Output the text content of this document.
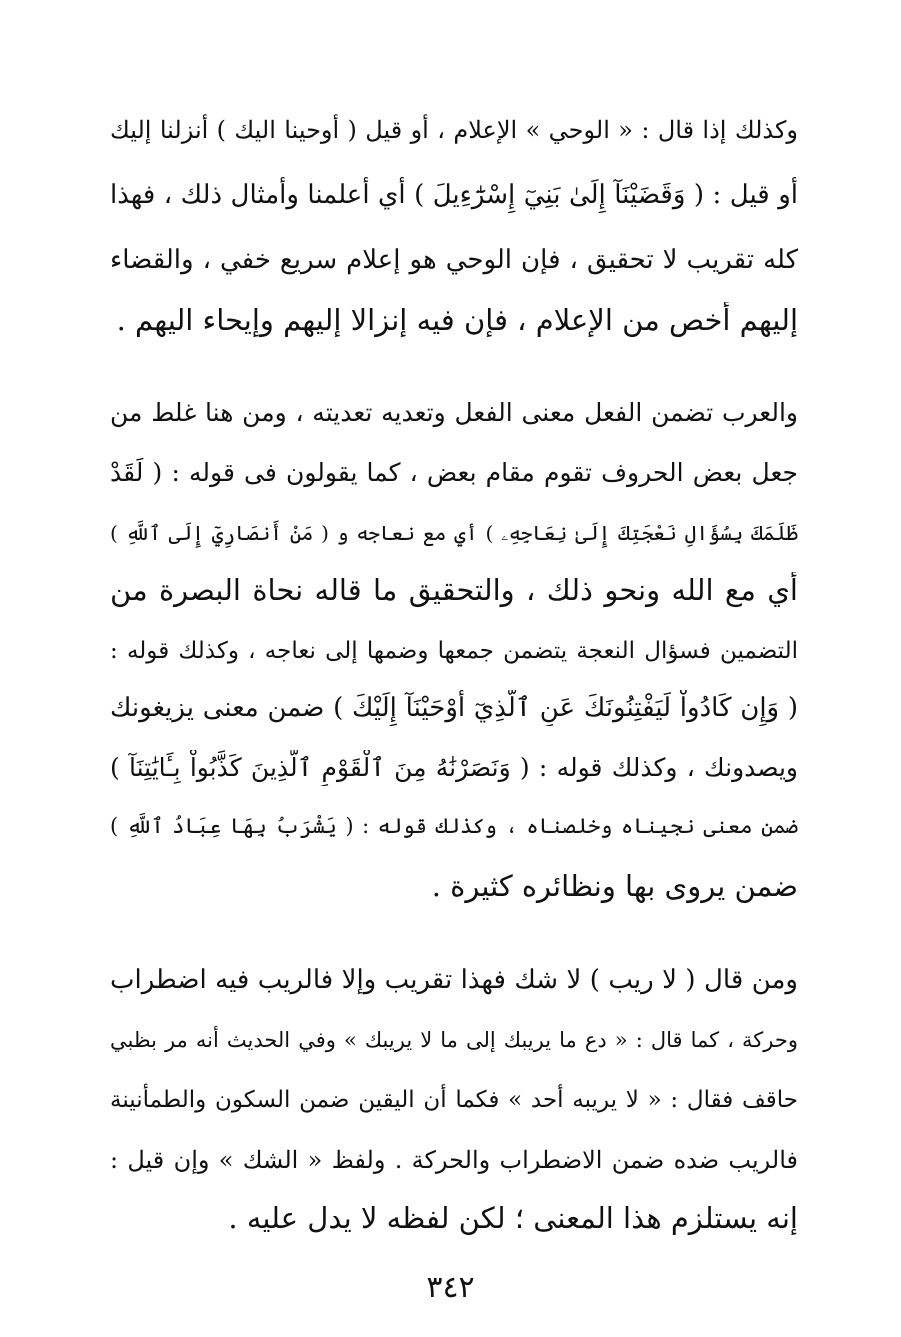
وكذلك إذا قال : « الوحي » الإعلام ، أو قيل ( أوحينا اليك ) أنزلنا إليك
أو قيل : ( وَقَضَيْنَآ إِلَىٰ بَنِيٓ إِسْرَٰٓءِيلَ ) أي أعلمنا وأمثال ذلك ، فهذا
كله تقريب لا تحقيق ، فإن الوحي هو إعلام سريع خفي ، والقضاء
إليهم أخص من الإعلام ، فإن فيه إنزالا إليهم وإيحاء اليهم .
والعرب تضمن الفعل معنى الفعل وتعديه تعديته ، ومن هنا غلط من
جعل بعض الحروف تقوم مقام بعض ، كما يقولون فى قوله : ( لَقَدْ
ظَلَمَكَ بِسُؤَالِ نَعْجَتِكَ إِلَىٰ نِعَاجِهِۦ ) أي مع نعاجه و ( مَنْ أَنصَارِيٓ إِلَى ٱللَّهِ )
أي مع الله ونحو ذلك ، والتحقيق ما قاله نحاة البصرة من
التضمين فسؤال النعجة يتضمن جمعها وضمها إلى نعاجه ، وكذلك قوله :
( وَإِن كَادُواْ لَيَفْتِنُونَكَ عَنِ ٱلَّذِيٓ أَوْحَيْنَآ إِلَيْكَ ) ضمن معنى يزيغونك
ويصدونك ، وكذلك قوله : ( وَنَصَرْنَٰهُ مِنَ ٱلْقَوْمِ ٱلَّذِينَ كَذَّبُواْ بِـَٔايَٰتِنَآ )
ضمن معنى نجيناه وخلصناه ، وكذلك قوله : ( يَشْرَبُ بِهَا عِبَادُ ٱللَّهِ )
ضمن يروى بها ونظائره كثيرة .
ومن قال ( لا ريب ) لا شك فهذا تقريب وإلا فالريب فيه اضطراب
وحركة ، كما قال : « دع ما يريبك إلى ما لا يريبك » وفي الحديث أنه مر بظبي
حاقف فقال : « لا يريبه أحد » فكما أن اليقين ضمن السكون والطمأنينة
فالريب ضده ضمن الاضطراب والحركة . ولفظ « الشك » وإن قيل :
إنه يستلزم هذا المعنى ؛ لكن لفظه لا يدل عليه .
٣٤٢
